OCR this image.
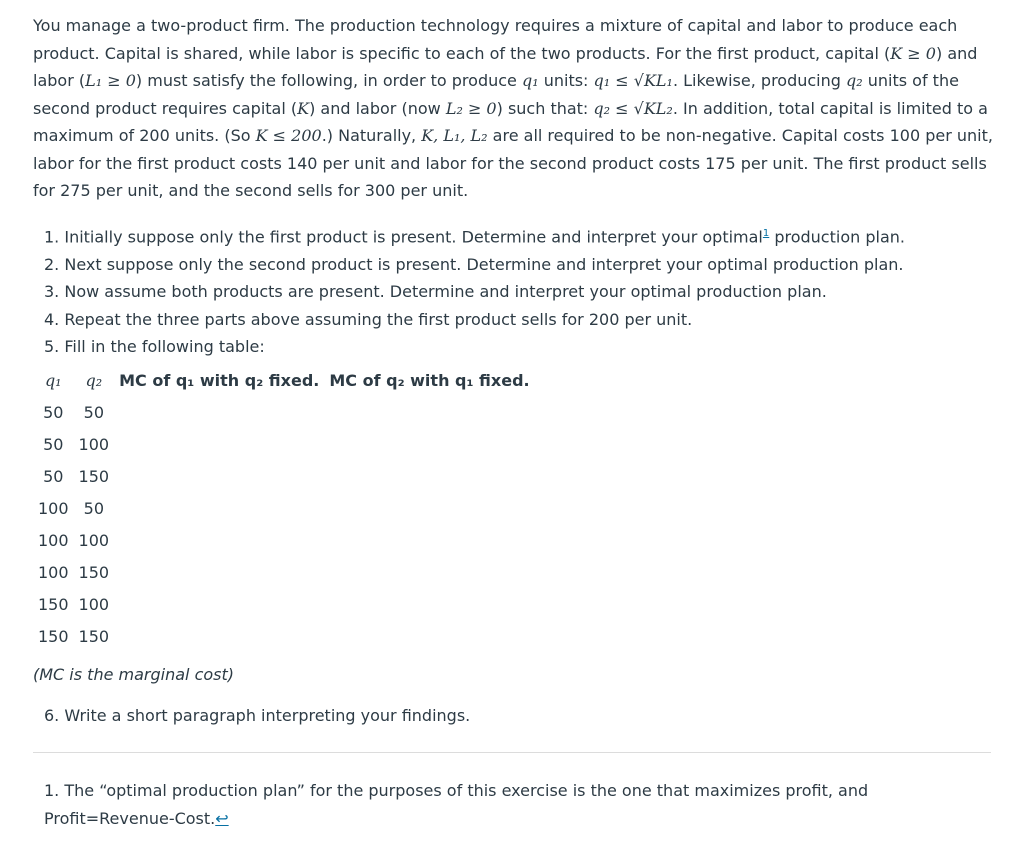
You manage a two-product firm. The production technology requires a mixture of capital and labor to produce each product. Capital is shared, while labor is specific to each of the two products. For the first product, capital (K ≥ 0) and labor (L₁ ≥ 0) must satisfy the following, in order to produce q₁ units: q₁ ≤ √KL₁. Likewise, producing q₂ units of the second product requires capital (K) and labor (now L₂ ≥ 0) such that: q₂ ≤ √KL₂. In addition, total capital is limited to a maximum of 200 units. (So K ≤ 200.) Naturally, K, L₁, L₂ are all required to be non-negative. Capital costs 100 per unit, labor for the first product costs 140 per unit and labor for the second product costs 175 per unit. The first product sells for 275 per unit, and the second sells for 300 per unit.

1. Initially suppose only the first product is present. Determine and interpret your optimal$^1$ production plan.
2. Next suppose only the second product is present. Determine and interpret your optimal production plan.
3. Now assume both products are present. Determine and interpret your optimal production plan.
4. Repeat the three parts above assuming the first product sells for 200 per unit.
5. Fill in the following table:
q₁	q₂	MC of q₁ with q₂ fixed.	MC of q₂ with q₁ fixed.
50	50		
50	100		
50	150		
100	50		
100	100		
100	150		
150	100		
150	150		

(MC is the marginal cost)

6. Write a short paragraph interpreting your findings.

1. The “optimal production plan” for the purposes of this exercise is the one that maximizes profit, and Profit=Revenue-Cost.↩
